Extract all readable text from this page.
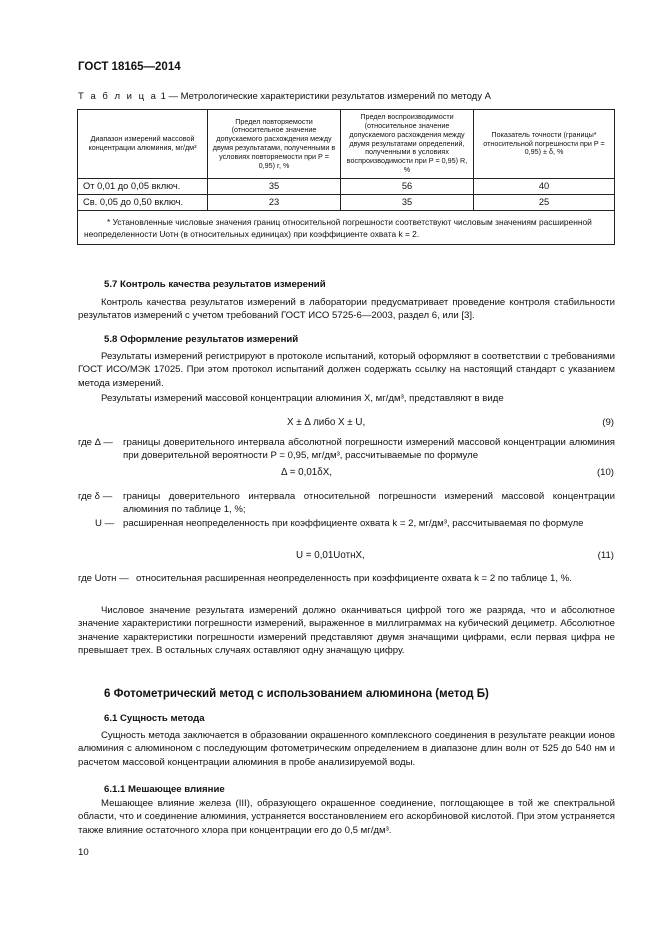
ГОСТ 18165—2014
Т а б л и ц а 1 — Метрологические характеристики результатов измерений по методу А
Диапазон измерений массовой концентрации алюминия, мг/дм³	Предел повторяемости (относительное значение допускаемого расхождения между двумя результатами, полученными в условиях повторяемости при P = 0,95) r, %	Предел воспроизводимости (относительное значение допускаемого расхождения между двумя результатами определений, полученными в условиях воспроизводимости при P = 0,95) R, %	Показатель точности (границы* относительной погрешности при P = 0,95) ± δ, %
От 0,01 до 0,05 включ.	35	56	40
Св. 0,05 до 0,50 включ.	23	35	25
* Установленные числовые значения границ относительной погрешности соответствуют числовым значениям расширенной неопределенности Uотн (в относительных единицах) при коэффициенте охвата k = 2.			
5.7 Контроль качества результатов измерений
Контроль качества результатов измерений в лаборатории предусматривает проведение контроля стабильности результатов измерений с учетом требований ГОСТ ИСО 5725-6—2003, раздел 6, или [3].
5.8 Оформление результатов измерений
Результаты измерений регистрируют в протоколе испытаний, который оформляют в соответствии с требованиями ГОСТ ИСО/МЭК 17025. При этом протокол испытаний должен содержать ссылку на настоящий стандарт с указанием метода измерений.
Результаты измерений массовой концентрации алюминия X, мг/дм³, представляют в виде
X ± Δ либо X ± U,	(9)
где Δ — границы доверительного интервала абсолютной погрешности измерений массовой концентрации алюминия при доверительной вероятности P = 0,95, мг/дм³, рассчитываемые по формуле
Δ = 0,01δX,	(10)
где δ — границы доверительного интервала относительной погрешности измерений массовой концентрации алюминия по таблице 1, %;
U — расширенная неопределенность при коэффициенте охвата k = 2, мг/дм³, рассчитываемая по формуле
U = 0,01UотнX,	(11)
где Uотн — относительная расширенная неопределенность при коэффициенте охвата k = 2 по таблице 1, %.
Числовое значение результата измерений должно оканчиваться цифрой того же разряда, что и абсолютное значение характеристики погрешности измерений, выраженное в миллиграммах на кубический дециметр. Абсолютное значение характеристики погрешности измерений представляют двумя значащими цифрами, если первая цифра не превышает трех. В остальных случаях оставляют одну значащую цифру.
6 Фотометрический метод с использованием алюминона (метод Б)
6.1 Сущность метода
Сущность метода заключается в образовании окрашенного комплексного соединения в результате реакции ионов алюминия с алюминоном с последующим фотометрическим определением в диапазоне длин волн от 525 до 540 нм и расчетом массовой концентрации алюминия в пробе анализируемой воды.
6.1.1 Мешающее влияние
Мешающее влияние железа (III), образующего окрашенное соединение, поглощающее в той же спектральной области, что и соединение алюминия, устраняется восстановлением его аскорбиновой кислотой. При этом устраняется также влияние остаточного хлора при концентрации его до 0,5 мг/дм³.
10
